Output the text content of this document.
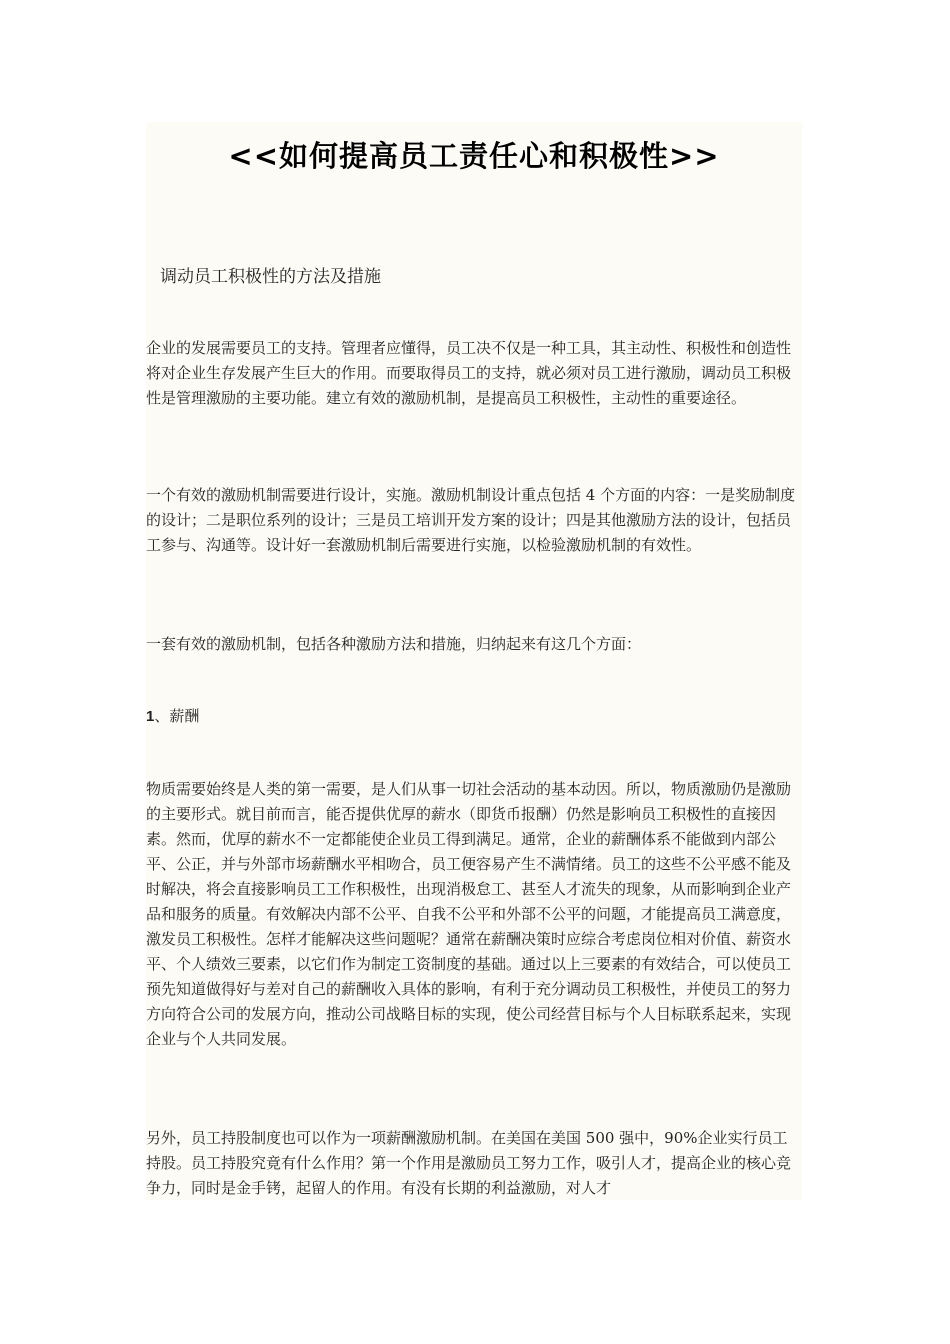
<<如何提高员工责任心和积极性>>
调动员工积极性的方法及措施

企业的发展需要员工的支持。管理者应懂得，员工决不仅是一种工具，其主动性、积极性和创造性将对企业生存发展产生巨大的作用。而要取得员工的支持，就必须对员工进行激励，调动员工积极性是管理激励的主要功能。建立有效的激励机制，是提高员工积极性，主动性的重要途径。

一个有效的激励机制需要进行设计，实施。激励机制设计重点包括 4 个方面的内容：一是奖励制度的设计；二是职位系列的设计；三是员工培训开发方案的设计；四是其他激励方法的设计，包括员工参与、沟通等。设计好一套激励机制后需要进行实施，以检验激励机制的有效性。

一套有效的激励机制，包括各种激励方法和措施，归纳起来有这几个方面：

1、薪酬

物质需要始终是人类的第一需要，是人们从事一切社会活动的基本动因。所以，物质激励仍是激励的主要形式。就目前而言，能否提供优厚的薪水（即货币报酬）仍然是影响员工积极性的直接因素。然而，优厚的薪水不一定都能使企业员工得到满足。通常，企业的薪酬体系不能做到内部公平、公正，并与外部市场薪酬水平相吻合，员工便容易产生不满情绪。员工的这些不公平感不能及时解决，将会直接影响员工工作积极性，出现消极怠工、甚至人才流失的现象，从而影响到企业产品和服务的质量。有效解决内部不公平、自我不公平和外部不公平的问题，才能提高员工满意度，激发员工积极性。怎样才能解决这些问题呢？通常在薪酬决策时应综合考虑岗位相对价值、薪资水平、个人绩效三要素，以它们作为制定工资制度的基础。通过以上三要素的有效结合，可以使员工预先知道做得好与差对自己的薪酬收入具体的影响，有利于充分调动员工积极性，并使员工的努力方向符合公司的发展方向，推动公司战略目标的实现，使公司经营目标与个人目标联系起来，实现企业与个人共同发展。

另外，员工持股制度也可以作为一项薪酬激励机制。在美国在美国 500 强中，90%企业实行员工持股。员工持股究竟有什么作用？第一个作用是激励员工努力工作，吸引人才，提高企业的核心竞争力，同时是金手铐，起留人的作用。有没有长期的利益激励，对人才
